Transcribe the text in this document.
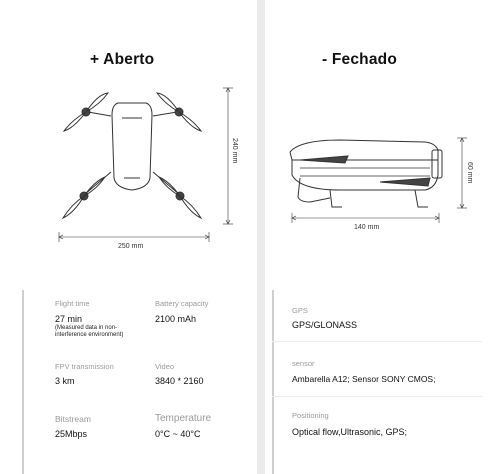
+ Aberto	- Fechado
250 mm
240 mm
140 mm
60 mm
Flight time
27 min
(Measured data in non-interference environment)
Battery capacity
2100 mAh
FPV transmission
3 km
Video
3840 * 2160
Bitstream
25Mbps
Temperature
0°C ~ 40°C
GPS
GPS/GLONASS
sensor
Ambarella A12; Sensor SONY CMOS;
Positioning
Optical flow,Ultrasonic, GPS;
